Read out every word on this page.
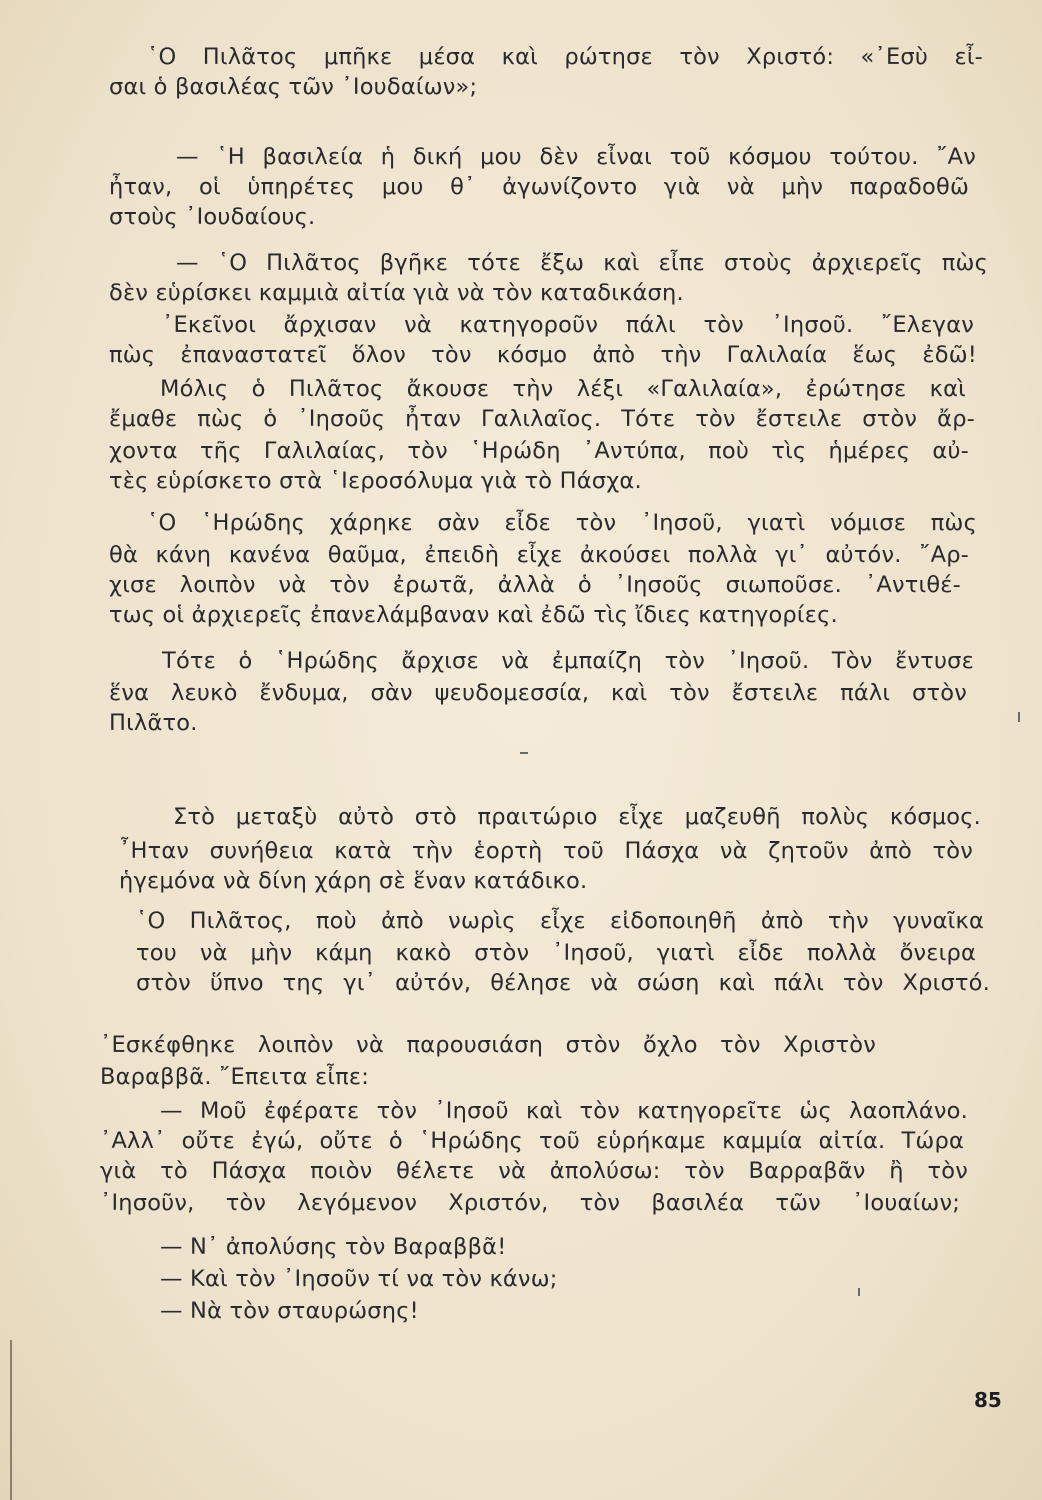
῾Ο Πιλᾶτος μπῆκε μέσα καὶ ρώτησε τὸν Χριστό: «᾿Εσὺ εἶ-
σαι ὁ βασιλέας τῶν ᾿Ιουδαίων»;
— ῾Η βασιλεία ἡ δική μου δὲν εἶναι τοῦ κόσμου τούτου. ῎Αν
ἦταν, οἱ ὑπηρέτες μου θ᾿ ἀγωνίζοντο γιὰ νὰ μὴν παραδοθῶ
στοὺς ᾿Ιουδαίους.
— ῾Ο Πιλᾶτος βγῆκε τότε ἔξω καὶ εἶπε στοὺς ἀρχιερεῖς πὼς
δὲν εὑρίσκει καμμιὰ αἰτία γιὰ νὰ τὸν καταδικάση.
᾿Εκεῖνοι ἄρχισαν νὰ κατηγοροῦν πάλι τὸν ᾿Ιησοῦ. ῎Ελεγαν
πὼς ἐπαναστατεῖ ὅλον τὸν κόσμο ἀπὸ τὴν Γαλιλαία ἕως ἐδῶ!
Μόλις ὁ Πιλᾶτος ἄκουσε τὴν λέξι «Γαλιλαία», ἐρώτησε καὶ
ἔμαθε πὼς ὁ ᾿Ιησοῦς ἦταν Γαλιλαῖος. Τότε τὸν ἔστειλε στὸν ἄρ-
χοντα τῆς Γαλιλαίας, τὸν ῾Ηρώδη ᾿Αντύπα, ποὺ τὶς ἡμέρες αὐ-
τὲς εὑρίσκετο στὰ ῾Ιεροσόλυμα γιὰ τὸ Πάσχα.
῾Ο ῾Ηρώδης χάρηκε σὰν εἶδε τὸν ᾿Ιησοῦ, γιατὶ νόμισε πὼς
θὰ κάνη κανένα θαῦμα, ἐπειδὴ εἶχε ἀκούσει πολλὰ γι᾿ αὐτόν. ῎Αρ-
χισε λοιπὸν νὰ τὸν ἐρωτᾶ, ἀλλὰ ὁ ᾿Ιησοῦς σιωποῦσε. ᾿Αντιθέ-
τως οἱ ἀρχιερεῖς ἐπανελάμβαναν καὶ ἐδῶ τὶς ἴδιες κατηγορίες.
Τότε ὁ ῾Ηρώδης ἄρχισε νὰ ἐμπαίζη τὸν ᾿Ιησοῦ. Τὸν ἔντυσε
ἕνα λευκὸ ἔνδυμα, σὰν ψευδομεσσία, καὶ τὸν ἔστειλε πάλι στὸν
Πιλᾶτο.
Στὸ μεταξὺ αὐτὸ στὸ πραιτώριο εἶχε μαζευθῆ πολὺς κόσμος.
῏Ηταν συνήθεια κατὰ τὴν ἑορτὴ τοῦ Πάσχα νὰ ζητοῦν ἀπὸ τὸν
ἡγεμόνα νὰ δίνη χάρη σὲ ἕναν κατάδικο.
῾Ο Πιλᾶτος, ποὺ ἀπὸ νωρὶς εἶχε εἰδοποιηθῆ ἀπὸ τὴν γυναῖκα
του νὰ μὴν κάμη κακὸ στὸν ᾿Ιησοῦ, γιατὶ εἶδε πολλὰ ὄνειρα
στὸν ὕπνο της γι᾿ αὐτόν, θέλησε νὰ σώση καὶ πάλι τὸν Χριστό.
᾿Εσκέφθηκε λοιπὸν νὰ παρουσιάση στὸν ὄχλο τὸν Χριστὸν
Βαραββᾶ. ῎Επειτα εἶπε:
— Μοῦ ἐφέρατε τὸν ᾿Ιησοῦ καὶ τὸν κατηγορεῖτε ὡς λαοπλάνο.
᾿Αλλ᾿ οὔτε ἐγώ, οὔτε ὁ ῾Ηρώδης τοῦ εὑρήκαμε καμμία αἰτία. Τώρα
γιὰ τὸ Πάσχα ποιὸν θέλετε νὰ ἀπολύσω: τὸν Βαρραβᾶν ἢ τὸν
᾿Ιησοῦν, τὸν λεγόμενον Χριστόν, τὸν βασιλέα τῶν ᾿Ιουαίων;
— Ν᾿ ἀπολύσης τὸν Βαραββᾶ!
— Καὶ τὸν ᾿Ιησοῦν τί να τὸν κάνω;
— Νὰ τὸν σταυρώσης!
85
